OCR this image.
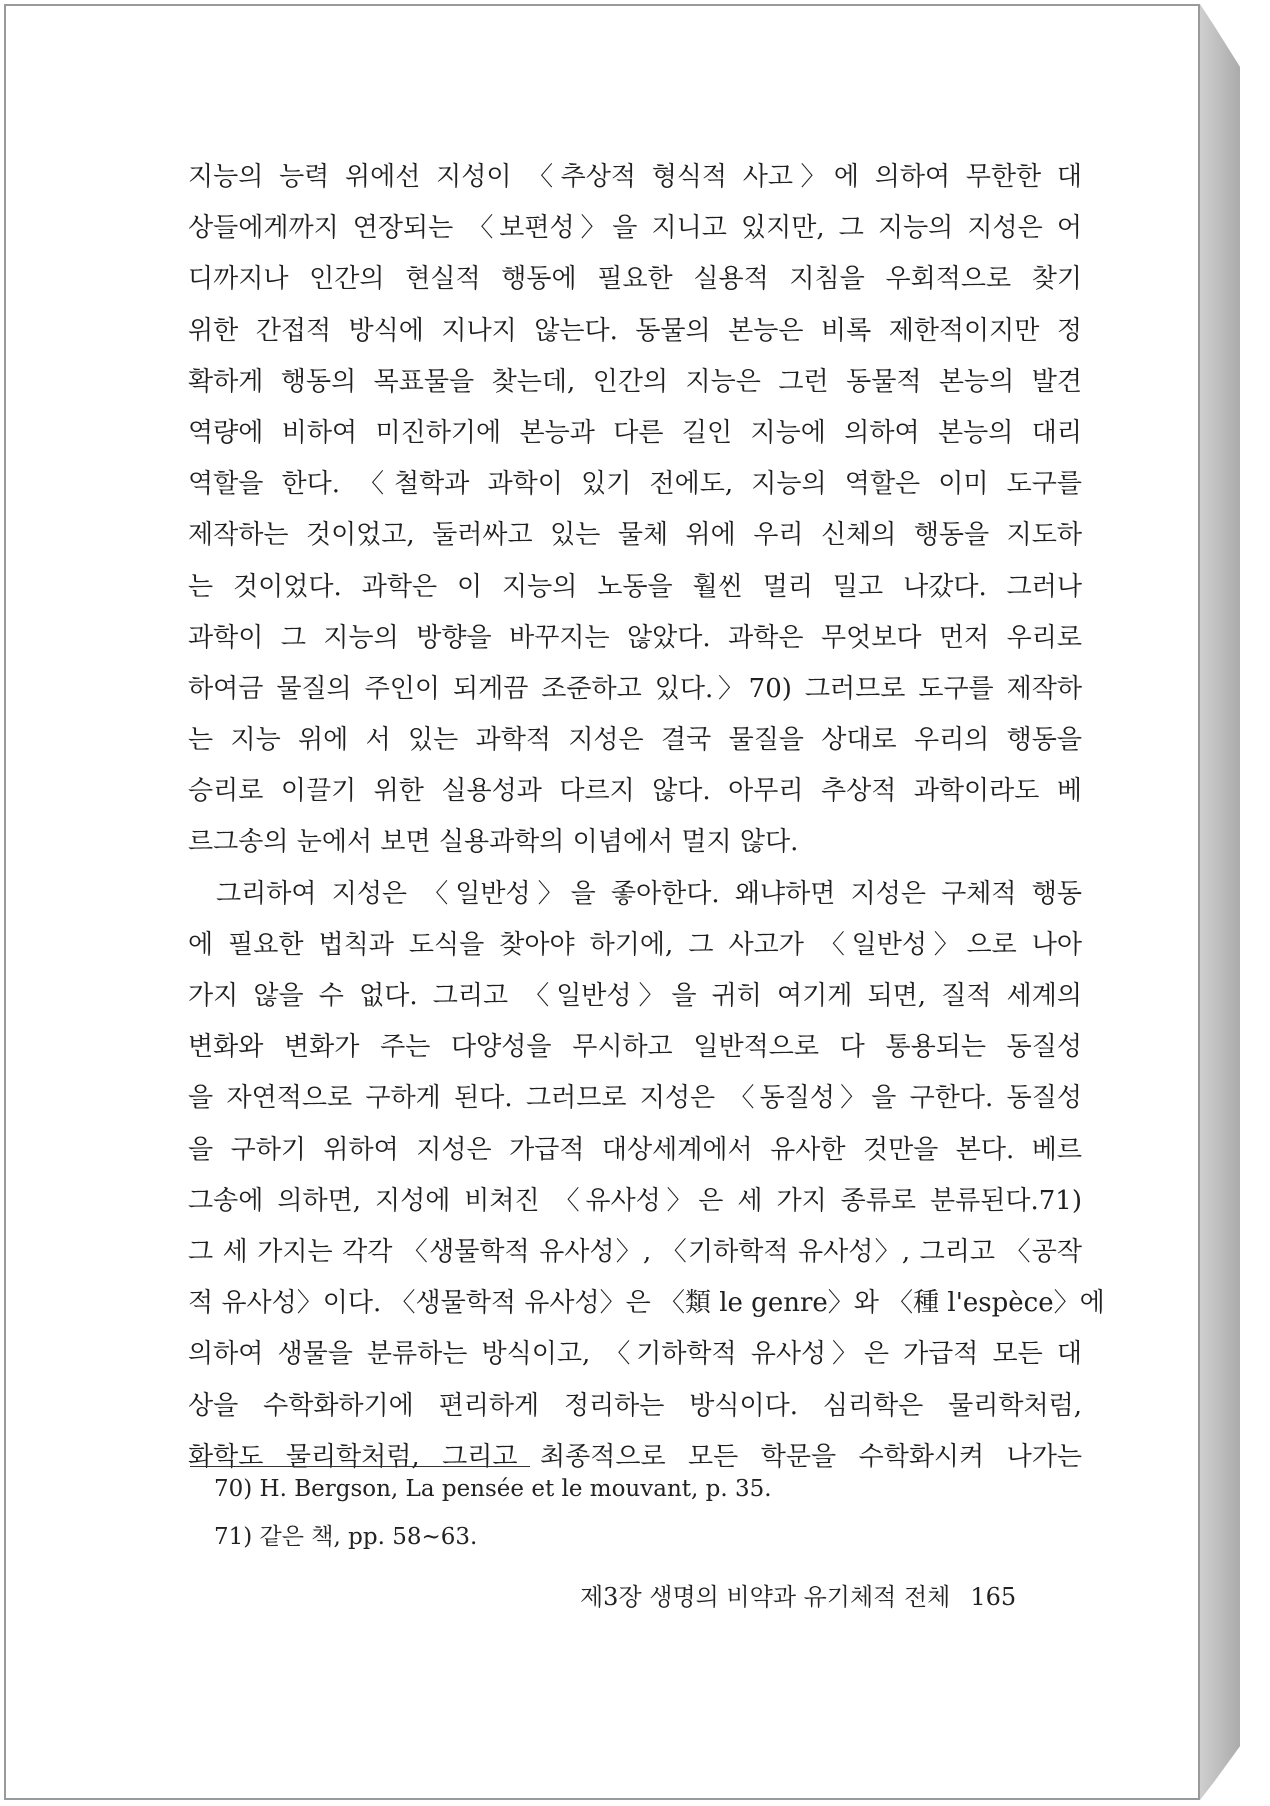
지능의 능력 위에선 지성이 〈추상적 형식적 사고〉에 의하여 무한한 대
상들에게까지 연장되는 〈보편성〉을 지니고 있지만, 그 지능의 지성은 어
디까지나 인간의 현실적 행동에 필요한 실용적 지침을 우회적으로 찾기
위한 간접적 방식에 지나지 않는다. 동물의 본능은 비록 제한적이지만 정
확하게 행동의 목표물을 찾는데, 인간의 지능은 그런 동물적 본능의 발견
역량에 비하여 미진하기에 본능과 다른 길인 지능에 의하여 본능의 대리
역할을 한다. 〈철학과 과학이 있기 전에도, 지능의 역할은 이미 도구를
제작하는 것이었고, 둘러싸고 있는 물체 위에 우리 신체의 행동을 지도하
는 것이었다. 과학은 이 지능의 노동을 훨씬 멀리 밀고 나갔다. 그러나
과학이 그 지능의 방향을 바꾸지는 않았다. 과학은 무엇보다 먼저 우리로
하여금 물질의 주인이 되게끔 조준하고 있다.〉70) 그러므로 도구를 제작하
는 지능 위에 서 있는 과학적 지성은 결국 물질을 상대로 우리의 행동을
승리로 이끌기 위한 실용성과 다르지 않다. 아무리 추상적 과학이라도 베
르그송의 눈에서 보면 실용과학의 이념에서 멀지 않다.
그리하여 지성은 〈일반성〉을 좋아한다. 왜냐하면 지성은 구체적 행동
에 필요한 법칙과 도식을 찾아야 하기에, 그 사고가 〈일반성〉으로 나아
가지 않을 수 없다. 그리고 〈일반성〉을 귀히 여기게 되면, 질적 세계의
변화와 변화가 주는 다양성을 무시하고 일반적으로 다 통용되는 동질성
을 자연적으로 구하게 된다. 그러므로 지성은 〈동질성〉을 구한다. 동질성
을 구하기 위하여 지성은 가급적 대상세계에서 유사한 것만을 본다. 베르
그송에 의하면, 지성에 비쳐진 〈유사성〉은 세 가지 종류로 분류된다.71)
그 세 가지는 각각 〈생물학적 유사성〉, 〈기하학적 유사성〉, 그리고 〈공작
적 유사성〉이다. 〈생물학적 유사성〉은 〈類 le genre〉와 〈種 l'espèce〉에
의하여 생물을 분류하는 방식이고, 〈기하학적 유사성〉은 가급적 모든 대
상을 수학화하기에 편리하게 정리하는 방식이다. 심리학은 물리학처럼,
화학도 물리학처럼, 그리고 최종적으로 모든 학문을 수학화시켜 나가는
70) H. Bergson, La pensée et le mouvant, p. 35.
71) 같은 책, pp. 58~63.
제3장 생명의 비약과 유기체적 전체 165
